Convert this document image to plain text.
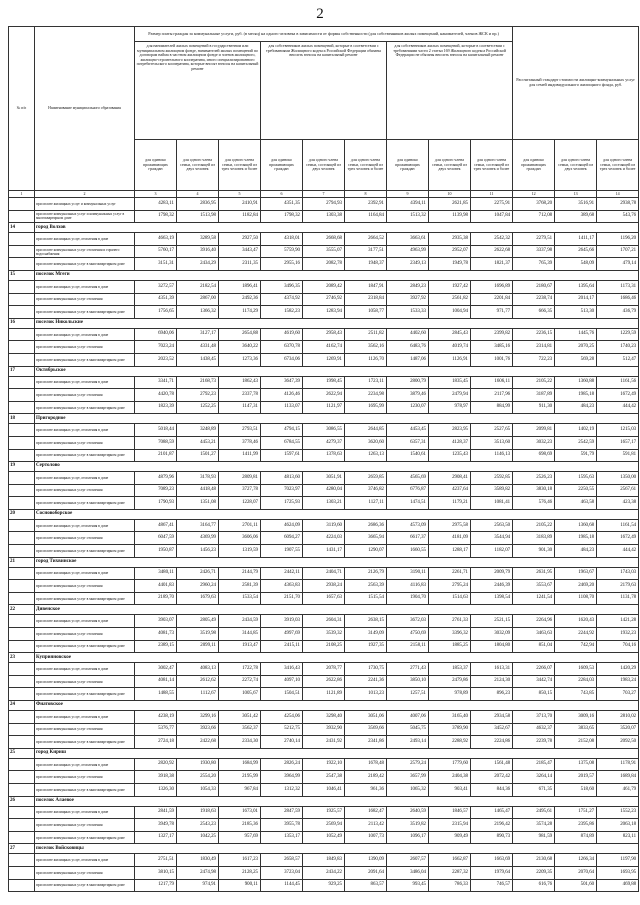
2
№ п/п	Наименование муниципального образования	Размер платы граждан за коммунальные услуги, руб. (в месяц) на одного человека в зависимости от формы собственности (для собственников жилых помещений, нанимателей, членов ЖСК и пр.)									Рассчитанный стандарт стоимости жилищно-коммунальных услуг для семей индивидуального жилищного фонда, руб.		
		для нанимателей жилых помещений в государственном или муниципальном жилищном фонде, нанимателей жилых помещений по договорам найма в частном жилищном фонде и членов жилищного, жилищно-строительного кооператива, иного специализированного потребительского кооператива, которые вносят взносы на капитальный ремонт			для собственников жилых помещений, которые в соответствии с требованиями Жилищного кодекса Российской Федерации обязаны вносить взносы на капитальный ремонт			для собственников жилых помещений, которые в соответствии с требованиями части 2 статьи 169 Жилищного кодекса Российской Федерации не обязаны вносить взносы на капитальный ремонт					
		для одиноко проживающих граждан	для одного члена семьи, состоящей из двух человек	для одного члена семьи, состоящей из трех человек и более	для одиноко проживающих граждан	для одного члена семьи, состоящей из двух человек	для одного члена семьи, состоящей из трех человек и более	для одиноко проживающих граждан	для одного члена семьи, состоящей из двух человек	для одного члена семьи, состоящей из трех человек и более	для одиноко проживающих граждан	для одного члена семьи, состоящей из двух человек	для одного члена семьи, состоящей из трех человек и более
1	2	3	4	5	6	7	8	9	10	11	12	13	14
	при оплате жилищных услуг и коммунальных услуг	4283,11	2836,95	2410,91	4351,35	2794,93	2392,91	4394,11	2621,85	2275,91	3768,20	3516,91	2938,78
	при оплате коммунальных услуг и коммунальных услуг в многоквартирном доме	1798,32	1513,98	1182,84	1798,32	1303,38	1164,84	1513,32	1139,98	1047,84	712,08	389,68	543,76
14	город Волхов												
	при оплате жилищных услуг, отопления в доме	4663,19	3289,58	2927,50	4318,01	2668,68	2664,52	3663,61	2935,38	2542,32	2279,51	1411,17	1196,20
	при оплате коммунальных услуг отопления и горячего водоснабжения	5760,17	3916,40	3443,47	5759,90	3555,07	3177,51	4963,99	2952,07	2622,68	3337,98	2645,66	1707,21
	при оплате коммунальных услуг в многоквартирном доме	3151,31	2434,29	2311,35	2955,16	2082,78	1948,37	2349,13	1949,78	1821,37	765,39	548,09	479,14
15	поселок Мгеги												
	при оплате жилищных услуг, отопления в доме	3272,57	2182,54	1896,41	3496,35	2089,42	1847,91	2849,23	1927,42	1696,89	2180,67	1395,64	1173,31
	при оплате коммунальных услуг отопления	4351,39	2867,00	2492,36	4374,92	2746,92	2318,84	3927,92	2561,82	2201,84	2238,74	2014,17	1686,46
	при оплате коммунальных услуг в многоквартирном доме	1756,65	1366,32	1174,29	1582,23	1283,94	1058,77	1533,33	1004,94	971,77	666,35	513,30	436,79
16	поселок Никольские												
	при оплате жилищных услуг, отопления в доме	6940,06	3127,17	2654,88	4619,60	2958,43	2511,82	4402,60	2845,43	2399,82	2236,15	1445,76	1229,59
	при оплате коммунальных услуг отопления	7023,24	4331,48	3640,22	6370,78	4162,74	3562,16	6483,76	4019,74	3485,16	2314,81	2070,25	1740,23
	при оплате коммунальных услуг в многоквартирном доме	2023,52	1438,45	1273,36	6734,06	1269,91	1126,70	1487,06	1126,91	1001,76	722,23	569,28	512,47
17	Октябрьское												
	при оплате жилищных услуг, отопления в доме	3341,71	2168,73	1862,43	3647,39	1998,45	1723,11	2800,79	1835,45	1606,11	2105,22	1360,88	1161,56
	при оплате коммунальных услуг отопления	4420,78	2792,23	2337,78	4126,46	2622,94	2234,98	3879,46	2479,94	2117,96	3187,89	1985,18	1672,49
	при оплате коммунальных услуг в многоквартирном доме	1823,39	1252,25	1147,31	1133,07	1121,97	1695,99	1230,07	978,97	884,99	911,30	484,23	444,42
18	Пригородное												
	при оплате жилищных услуг, отопления в доме	5018,44	3248,89	2793,51	4794,15	3086,55	2644,85	4453,45	2823,95	2527,65	2099,81	1402,19	1215,03
	при оплате коммунальных услуг отопления	7088,59	4453,21	3778,46	6784,55	4279,37	3620,60	6357,31	4128,37	3513,60	3032,23	2542,59	1657,17
	при оплате коммунальных услуг в многоквартирном доме	2101,87	1501,27	1411,99	1597,61	1378,63	1263,13	1540,61	1235,43	1146,13	698,69	591,79	591,81
19	Сертолово												
	при оплате жилищных услуг, отопления в доме	4879,96	3178,93	2809,81	4813,60	3051,91	2659,85	4565,69	2908,41	2592,85	2526,23	1595,63	1350,00
	при оплате коммунальных услуг отопления	7089,23	4418,48	3727,78	7023,97	4280,04	3746,82	6776,87	4237,64	3589,82	3830,18	2250,55	2567,61
	при оплате коммунальных услуг в многоквартирном доме	1790,93	1351,08	1228,07	1725,93	1303,21	1127,11	1474,51	1179,21	1081,41	576,46	463,58	423,38
20	Сосновоборское												
	при оплате жилищных услуг, отопления в доме	4867,41	3164,77	2701,11	4624,09	3119,60	2686,36	4573,09	2975,58	2563,50	2105,22	1360,68	1161,54
	при оплате коммунальных услуг отопления	6047,59	4369,99	3606,06	6094,27	4224,03	3665,94	6617,37	4181,09	3544,94	3183,89	1985,18	1672,49
	при оплате коммунальных услуг в многоквартирном доме	1950,87	1456,23	1319,59	1907,55	1431,17	1290,07	1660,55	1288,17	1182,07	901,30	484,23	444,42
21	город Тихвинское												
	при оплате жилищных услуг, отопления в доме	3480,11	2426,71	2144,79	2442,11	2404,71	2126,79	3190,11	2261,71	2009,79	2631,95	1963,67	1743,03
	при оплате коммунальных услуг отопления	4401,83	2960,24	2581,39	4363,83	2938,24	2563,39	4116,83	2795,24	2446,39	3553,67	2469,20	2179,63
	при оплате коммунальных услуг в многоквартирном доме	2189,70	1679,63	1533,54	2151,70	1657,63	1515,54	1904,70	1514,63	1398,54	1241,54	1108,70	1131,78
22	Дивенское												
	при оплате жилищных услуг, отопления в доме	3903,07	2805,49	2434,59	3919,03	2604,31	2638,15	3672,03	2761,33	2521,15	2264,96	1620,43	1421,28
	при оплате коммунальных услуг отопления	4081,73	3519,98	3144,85	4997,69	3539,32	3149,09	4750,69	3396,32	3032,09	3463,63	2244,92	1932,23
	при оплате коммунальных услуг в многоквартирном доме	2389,15	2099,11	1913,47	2415,11	2108,25	1927,35	2158,11	1885,25	1804,80	851,04	742,94	704,16
23	Куприяновское												
	при оплате жилищных услуг, отопления в доме	3002,47	4083,13	1722,78	3416,43	2078,77	1730,75	2771,43	1853,37	1613,31	2266,07	1609,53	1420,29
	при оплате коммунальных услуг отопления	4081,14	2612,62	2272,74	4097,10	2622,86	2241,36	3850,10	2479,86	2124,30	3442,74	2284,03	1983,24
	при оплате коммунальных услуг в многоквартирном доме	1488,55	1112,67	1005,67	1504,51	1121,89	1013,23	1257,51	978,89	896,23	850,15	743,85	703,27
24	Фиатовское												
	при оплате жилищных услуг, отопления в доме	4238,19	3299,16	3051,42	4254,06	3298,40	3051,06	4007,06	3165,40	2934,58	3713,70	3009,16	2810,02
	при оплате коммунальных услуг отопления	5376,77	3923,66	3562,37	5212,75	3932,90	3569,66	5045,75	3789,90	3452,67	4632,37	3833,65	3520,07
	при оплате коммунальных услуг в многоквартирном доме	2724,18	2422,68	2334,30	2740,14	2431,92	2341,86	2493,14	2288,92	2224,86	2239,78	2152,08	2092,50
25	город Кириш												
	при оплате жилищных услуг, отопления в доме	2820,92	1930,80	1684,99	2826,24	1922,10	1678,48	2579,24	1779,60	1561,48	2185,47	1375,08	1178,91
	при оплате коммунальных услуг отопления	3918,38	2554,20	2195,99	3964,99	2547,38	2189,42	3657,99	2404,38	2072,42	3264,14	2019,57	1689,84
	при оплате коммунальных услуг в многоквартирном доме	1326,30	1054,33	967,84	1312,32	1046,41	961,36	1065,32	903,41	844,36	671,35	518,60	461,79
26	поселок Алаевое												
	при оплате жилищных услуг, отопления в доме	2841,59	1918,63	1673,01	2847,59	1925,57	1682,47	2640,59	1846,57	1465,47	2495,61	1751,27	1552,23
	при оплате коммунальных услуг отопления	3949,78	2543,23	2185,36	3955,78	2569,94	2113,42	3519,82	2315,94	2196,42	3574,28	2395,86	2063,18
	при оплате коммунальных услуг в многоквартирном доме	1327,17	1042,25	957,69	1353,17	1052,49	1007,73	1096,17	909,49	890,73	981,59	874,89	823,11
27	поселок Войсковицы												
	при оплате жилищных услуг, отопления в доме	2751,51	1830,49	1617,23	2658,57	1849,83	1390,09	2607,57	1662,87	1663,69	2130,68	1266,34	1197,90
	при оплате коммунальных услуг отопления	3810,15	2474,98	2128,25	3723,04	2434,22	2091,64	3486,04	2287,32	1979,64	2209,35	2070,64	1693,95
	при оплате коммунальных услуг в многоквартирном доме	1217,79	974,91	900,11	1144,45	929,25	863,57	993,45	786,33	746,57	616,76	501,60	469,88
